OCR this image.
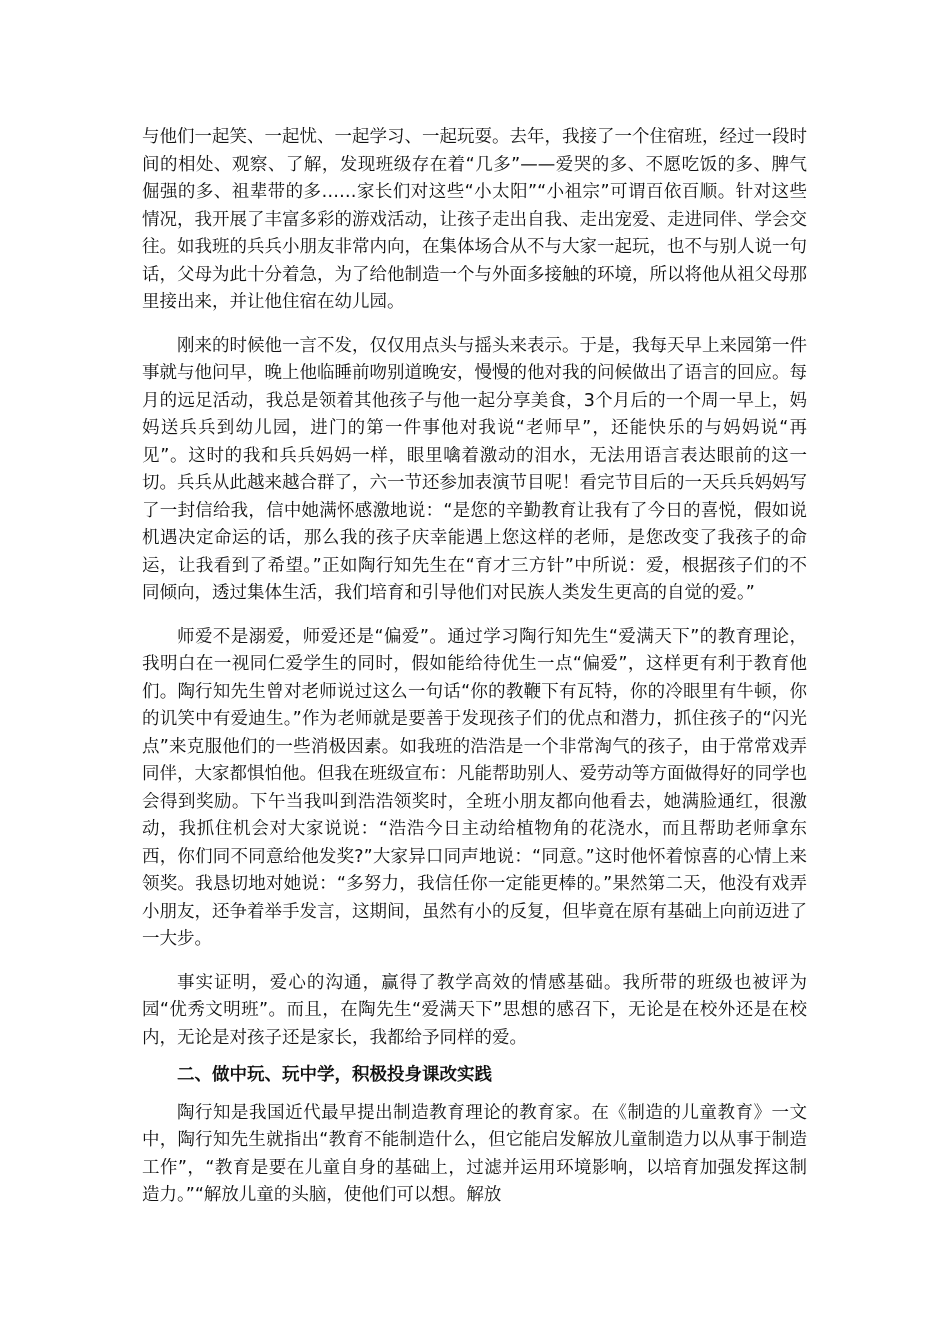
与他们一起笑、一起忧、一起学习、一起玩耍。去年，我接了一个住宿班，经过一段时间的相处、观察、了解，发现班级存在着“几多”——爱哭的多、不愿吃饭的多、脾气倔强的多、祖辈带的多……家长们对这些“小太阳”“小祖宗”可谓百依百顺。针对这些情况，我开展了丰富多彩的游戏活动，让孩子走出自我、走出宠爱、走进同伴、学会交往。如我班的兵兵小朋友非常内向，在集体场合从不与大家一起玩，也不与别人说一句话，父母为此十分着急，为了给他制造一个与外面多接触的环境，所以将他从祖父母那里接出来，并让他住宿在幼儿园。

刚来的时候他一言不发，仅仅用点头与摇头来表示。于是，我每天早上来园第一件事就与他问早，晚上他临睡前吻别道晚安，慢慢的他对我的问候做出了语言的回应。每月的远足活动，我总是领着其他孩子与他一起分享美食，3个月后的一个周一早上，妈妈送兵兵到幼儿园，进门的第一件事他对我说“老师早”，还能快乐的与妈妈说“再见”。这时的我和兵兵妈妈一样，眼里噙着激动的泪水，无法用语言表达眼前的这一切。兵兵从此越来越合群了，六一节还参加表演节目呢！看完节目后的一天兵兵妈妈写了一封信给我，信中她满怀感激地说：“是您的辛勤教育让我有了今日的喜悦，假如说机遇决定命运的话，那么我的孩子庆幸能遇上您这样的老师，是您改变了我孩子的命运，让我看到了希望。”正如陶行知先生在“育才三方针”中所说：爱，根据孩子们的不同倾向，透过集体生活，我们培育和引导他们对民族人类发生更高的自觉的爱。”

师爱不是溺爱，师爱还是“偏爱”。通过学习陶行知先生“爱满天下”的教育理论，我明白在一视同仁爱学生的同时，假如能给待优生一点“偏爱”，这样更有利于教育他们。陶行知先生曾对老师说过这么一句话“你的教鞭下有瓦特，你的冷眼里有牛顿，你的讥笑中有爱迪生。”作为老师就是要善于发现孩子们的优点和潜力，抓住孩子的“闪光点”来克服他们的一些消极因素。如我班的浩浩是一个非常淘气的孩子，由于常常戏弄同伴，大家都惧怕他。但我在班级宣布：凡能帮助别人、爱劳动等方面做得好的同学也会得到奖励。下午当我叫到浩浩领奖时，全班小朋友都向他看去，她满脸通红，很激动，我抓住机会对大家说说：“浩浩今日主动给植物角的花浇水，而且帮助老师拿东西，你们同不同意给他发奖?”大家异口同声地说：“同意。”这时他怀着惊喜的心情上来领奖。我恳切地对她说：“多努力，我信任你一定能更棒的。”果然第二天，他没有戏弄小朋友，还争着举手发言，这期间，虽然有小的反复，但毕竟在原有基础上向前迈进了一大步。

事实证明，爱心的沟通，赢得了教学高效的情感基础。我所带的班级也被评为园“优秀文明班”。而且，在陶先生“爱满天下”思想的感召下，无论是在校外还是在校内，无论是对孩子还是家长，我都给予同样的爱。

二、做中玩、玩中学，积极投身课改实践

陶行知是我国近代最早提出制造教育理论的教育家。在《制造的儿童教育》一文中，陶行知先生就指出“教育不能制造什么，但它能启发解放儿童制造力以从事于制造工作”，“教育是要在儿童自身的基础上，过滤并运用环境影响，以培育加强发挥这制造力。”“解放儿童的头脑，使他们可以想。解放
